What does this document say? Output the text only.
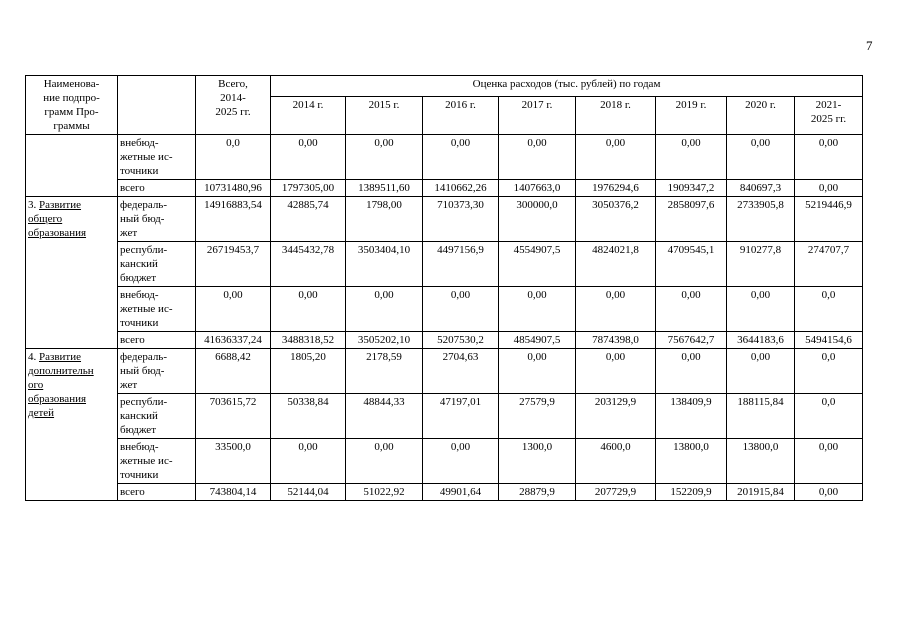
7
Наименова-
ние подпро-
грамм Про-
граммы		Всего,
2014-
2025 гг.	Оценка расходов (тыс. рублей) по годам							
			2014 г.	2015 г.	2016 г.	2017 г.	2018 г.	2019 г.	2020 г.	2021-
2025 гг.
	внебюд-
жетные ис-
точники	0,0	0,00	0,00	0,00	0,00	0,00	0,00	0,00	0,00
	всего	10731480,96	1797305,00	1389511,60	1410662,26	1407663,0	1976294,6	1909347,2	840697,3	0,00
3. Развитие
общего
образования	федераль-
ный бюд-
жет	14916883,54	42885,74	1798,00	710373,30	300000,0	3050376,2	2858097,6	2733905,8	5219446,9
	республи-
канский
бюджет	26719453,7	3445432,78	3503404,10	4497156,9	4554907,5	4824021,8	4709545,1	910277,8	274707,7
	внебюд-
жетные ис-
точники	0,00	0,00	0,00	0,00	0,00	0,00	0,00	0,00	0,0
	всего	41636337,24	3488318,52	3505202,10	5207530,2	4854907,5	7874398,0	7567642,7	3644183,6	5494154,6
4. Развитие
дополнительн
ого
образования
детей	федераль-
ный бюд-
жет	6688,42	1805,20	2178,59	2704,63	0,00	0,00	0,00	0,00	0,0
	республи-
канский
бюджет	703615,72	50338,84	48844,33	47197,01	27579,9	203129,9	138409,9	188115,84	0,0
	внебюд-
жетные ис-
точники	33500,0	0,00	0,00	0,00	1300,0	4600,0	13800,0	13800,0	0,00
	всего	743804,14	52144,04	51022,92	49901,64	28879,9	207729,9	152209,9	201915,84	0,00
